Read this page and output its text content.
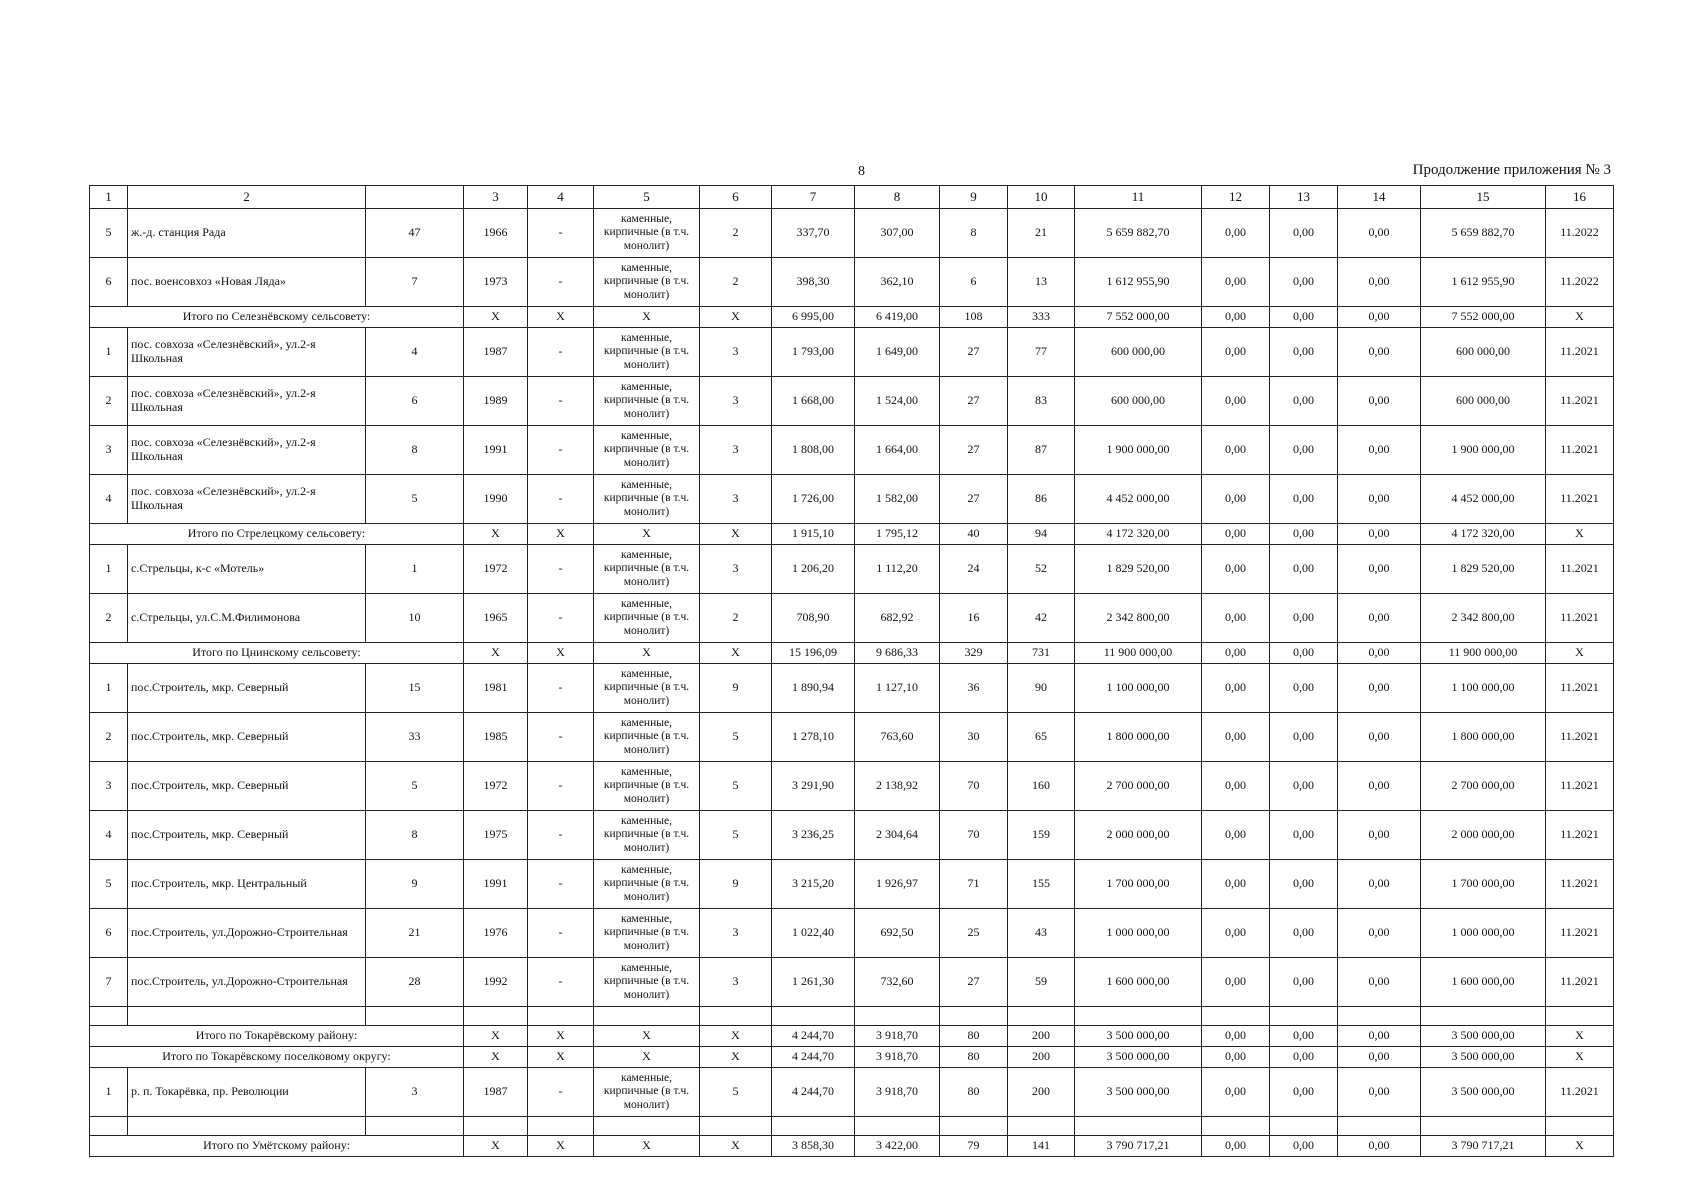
8	Продолжение приложения № 3
1	2		3	4	5	6	7	8	9	10	11	12	13	14	15	16
5	ж.-д. станция Рада	47	1966	-	каменные, кирпичные (в т.ч. монолит)	2	337,70	307,00	8	21	5 659 882,70	0,00	0,00	0,00	5 659 882,70	11.2022
6	пос. военсовхоз «Новая Ляда»	7	1973	-	каменные, кирпичные (в т.ч. монолит)	2	398,30	362,10	6	13	1 612 955,90	0,00	0,00	0,00	1 612 955,90	11.2022
Итого по Селезнёвскому сельсовету:			X	X	X	X	6 995,00	6 419,00	108	333	7 552 000,00	0,00	0,00	0,00	7 552 000,00	X
1	пос. совхоза «Селезнёвский», ул.2-я Школьная	4	1987	-	каменные, кирпичные (в т.ч. монолит)	3	1 793,00	1 649,00	27	77	600 000,00	0,00	0,00	0,00	600 000,00	11.2021
2	пос. совхоза «Селезнёвский», ул.2-я Школьная	6	1989	-	каменные, кирпичные (в т.ч. монолит)	3	1 668,00	1 524,00	27	83	600 000,00	0,00	0,00	0,00	600 000,00	11.2021
3	пос. совхоза «Селезнёвский», ул.2-я Школьная	8	1991	-	каменные, кирпичные (в т.ч. монолит)	3	1 808,00	1 664,00	27	87	1 900 000,00	0,00	0,00	0,00	1 900 000,00	11.2021
4	пос. совхоза «Селезнёвский», ул.2-я Школьная	5	1990	-	каменные, кирпичные (в т.ч. монолит)	3	1 726,00	1 582,00	27	86	4 452 000,00	0,00	0,00	0,00	4 452 000,00	11.2021
Итого по Стрелецкому сельсовету:			X	X	X	X	1 915,10	1 795,12	40	94	4 172 320,00	0,00	0,00	0,00	4 172 320,00	X
1	с.Стрельцы, к-с «Мотель»	1	1972	-	каменные, кирпичные (в т.ч. монолит)	3	1 206,20	1 112,20	24	52	1 829 520,00	0,00	0,00	0,00	1 829 520,00	11.2021
2	с.Стрельцы, ул.С.М.Филимонова	10	1965	-	каменные, кирпичные (в т.ч. монолит)	2	708,90	682,92	16	42	2 342 800,00	0,00	0,00	0,00	2 342 800,00	11.2021
Итого по Цнинскому сельсовету:			X	X	X	X	15 196,09	9 686,33	329	731	11 900 000,00	0,00	0,00	0,00	11 900 000,00	X
1	пос.Строитель, мкр. Северный	15	1981	-	каменные, кирпичные (в т.ч. монолит)	9	1 890,94	1 127,10	36	90	1 100 000,00	0,00	0,00	0,00	1 100 000,00	11.2021
2	пос.Строитель, мкр. Северный	33	1985	-	каменные, кирпичные (в т.ч. монолит)	5	1 278,10	763,60	30	65	1 800 000,00	0,00	0,00	0,00	1 800 000,00	11.2021
3	пос.Строитель, мкр. Северный	5	1972	-	каменные, кирпичные (в т.ч. монолит)	5	3 291,90	2 138,92	70	160	2 700 000,00	0,00	0,00	0,00	2 700 000,00	11.2021
4	пос.Строитель, мкр. Северный	8	1975	-	каменные, кирпичные (в т.ч. монолит)	5	3 236,25	2 304,64	70	159	2 000 000,00	0,00	0,00	0,00	2 000 000,00	11.2021
5	пос.Строитель, мкр. Центральный	9	1991	-	каменные, кирпичные (в т.ч. монолит)	9	3 215,20	1 926,97	71	155	1 700 000,00	0,00	0,00	0,00	1 700 000,00	11.2021
6	пос.Строитель, ул.Дорожно-Строительная	21	1976	-	каменные, кирпичные (в т.ч. монолит)	3	1 022,40	692,50	25	43	1 000 000,00	0,00	0,00	0,00	1 000 000,00	11.2021
7	пос.Строитель, ул.Дорожно-Строительная	28	1992	-	каменные, кирпичные (в т.ч. монолит)	3	1 261,30	732,60	27	59	1 600 000,00	0,00	0,00	0,00	1 600 000,00	11.2021

Итого по Токарёвскому району:			X	X	X	X	4 244,70	3 918,70	80	200	3 500 000,00	0,00	0,00	0,00	3 500 000,00	X
Итого по Токарёвскому поселковому округу:			X	X	X	X	4 244,70	3 918,70	80	200	3 500 000,00	0,00	0,00	0,00	3 500 000,00	X
1	р. п. Токарёвка, пр. Революции	3	1987	-	каменные, кирпичные (в т.ч. монолит)	5	4 244,70	3 918,70	80	200	3 500 000,00	0,00	0,00	0,00	3 500 000,00	11.2021

Итого по Умётскому району:			X	X	X	X	3 858,30	3 422,00	79	141	3 790 717,21	0,00	0,00	0,00	3 790 717,21	X
